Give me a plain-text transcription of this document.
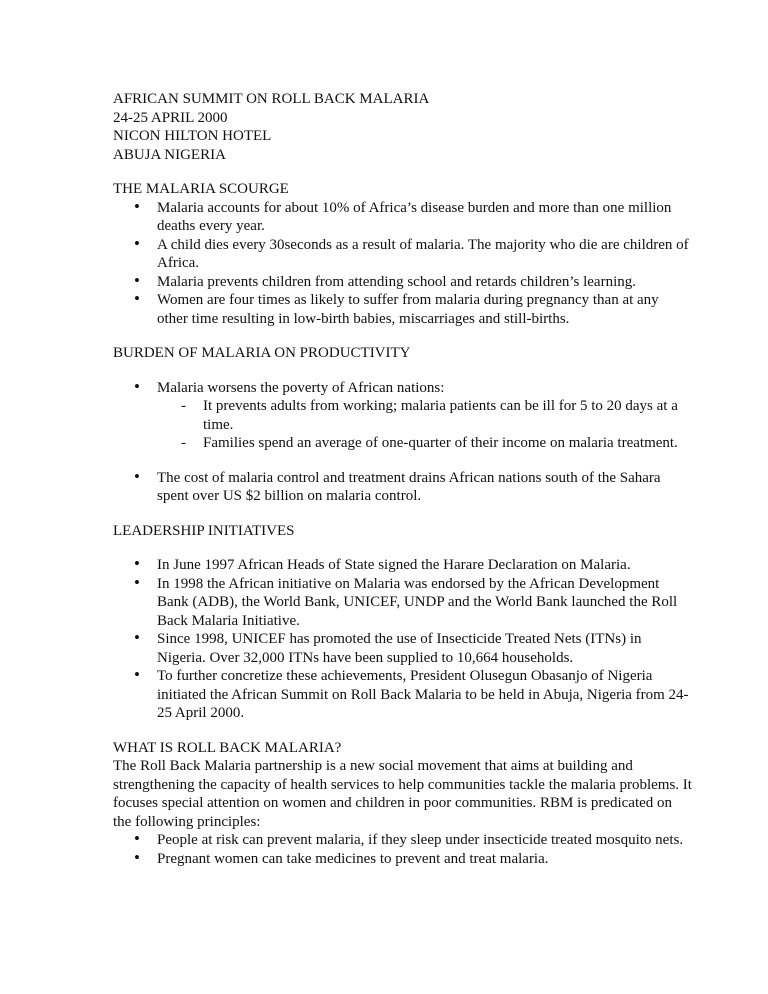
AFRICAN SUMMIT ON ROLL BACK MALARIA
24-25 APRIL 2000
NICON HILTON HOTEL
ABUJA NIGERIA
THE MALARIA SCOURGE
• Malaria accounts for about 10% of Africa’s disease burden and more than one million deaths every year.
• A child dies every 30seconds as a result of malaria. The majority who die are children of Africa.
• Malaria prevents children from attending school and retards children’s learning.
• Women are four times as likely to suffer from malaria during pregnancy than at any other time resulting in low-birth babies, miscarriages and still-births.
BURDEN OF MALARIA ON PRODUCTIVITY
• Malaria worsens the poverty of African nations:
- It prevents adults from working; malaria patients can be ill for 5 to 20 days at a time.
- Families spend an average of one-quarter of their income on malaria treatment.
• The cost of malaria control and treatment drains African nations south of the Sahara spent over US $2 billion on malaria control.
LEADERSHIP INITIATIVES
• In June 1997 African Heads of State signed the Harare Declaration on Malaria.
• In 1998 the African initiative on Malaria was endorsed by the African Development Bank (ADB), the World Bank, UNICEF, UNDP and the World Bank launched the Roll Back Malaria Initiative.
• Since 1998, UNICEF has promoted the use of Insecticide Treated Nets (ITNs) in Nigeria. Over 32,000 ITNs have been supplied to 10,664 households.
• To further concretize these achievements, President Olusegun Obasanjo of Nigeria initiated the African Summit on Roll Back Malaria to be held in Abuja, Nigeria from 24-25 April 2000.
WHAT IS ROLL BACK MALARIA?

The Roll Back Malaria partnership is a new social movement that aims at building and strengthening the capacity of health services to help communities tackle the malaria problems. It focuses special attention on women and children in poor communities. RBM is predicated on the following principles:

• People at risk can prevent malaria, if they sleep under insecticide treated mosquito nets.
• Pregnant women can take medicines to prevent and treat malaria.
